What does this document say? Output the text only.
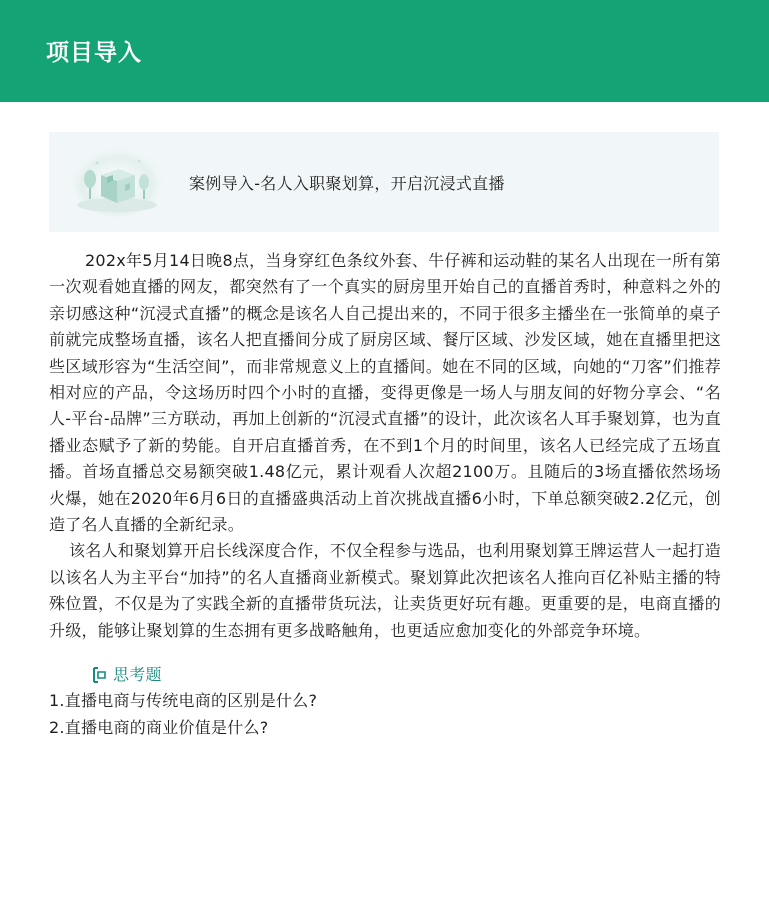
项目导入
案例导入-名人入职聚划算，开启沉浸式直播

202x年5月14日晚8点，当身穿红色条纹外套、牛仔裤和运动鞋的某名人出现在一所有第一次观看她直播的网友，都突然有了一个真实的厨房里开始自己的直播首秀时，种意料之外的亲切感这种“沉浸式直播”的概念是该名人自己提出来的，不同于很多主播坐在一张简单的桌子前就完成整场直播，该名人把直播间分成了厨房区域、餐厅区域、沙发区域，她在直播里把这些区域形容为“生活空间”，而非常规意义上的直播间。她在不同的区域，向她的“刀客”们推荐相对应的产品，令这场历时四个小时的直播，变得更像是一场人与朋友间的好物分享会、“名人-平台-品牌”三方联动，再加上创新的“沉浸式直播”的设计，此次该名人耳手聚划算，也为直播业态赋予了新的势能。自开启直播首秀，在不到1个月的时间里，该名人已经完成了五场直播。首场直播总交易额突破1.48亿元，累计观看人次超2100万。且随后的3场直播依然场场火爆，她在2020年6月6日的直播盛典活动上首次挑战直播6小时，下单总额突破2.2亿元，创造了名人直播的全新纪录。

该名人和聚划算开启长线深度合作，不仅全程参与选品，也利用聚划算王牌运营人一起打造以该名人为主平台“加持”的名人直播商业新模式。聚划算此次把该名人推向百亿补贴主播的特殊位置，不仅是为了实践全新的直播带货玩法，让卖货更好玩有趣。更重要的是，电商直播的升级，能够让聚划算的生态拥有更多战略触角，也更适应愈加变化的外部竞争环境。

思考题

1.直播电商与传统电商的区别是什么?

2.直播电商的商业价值是什么?
